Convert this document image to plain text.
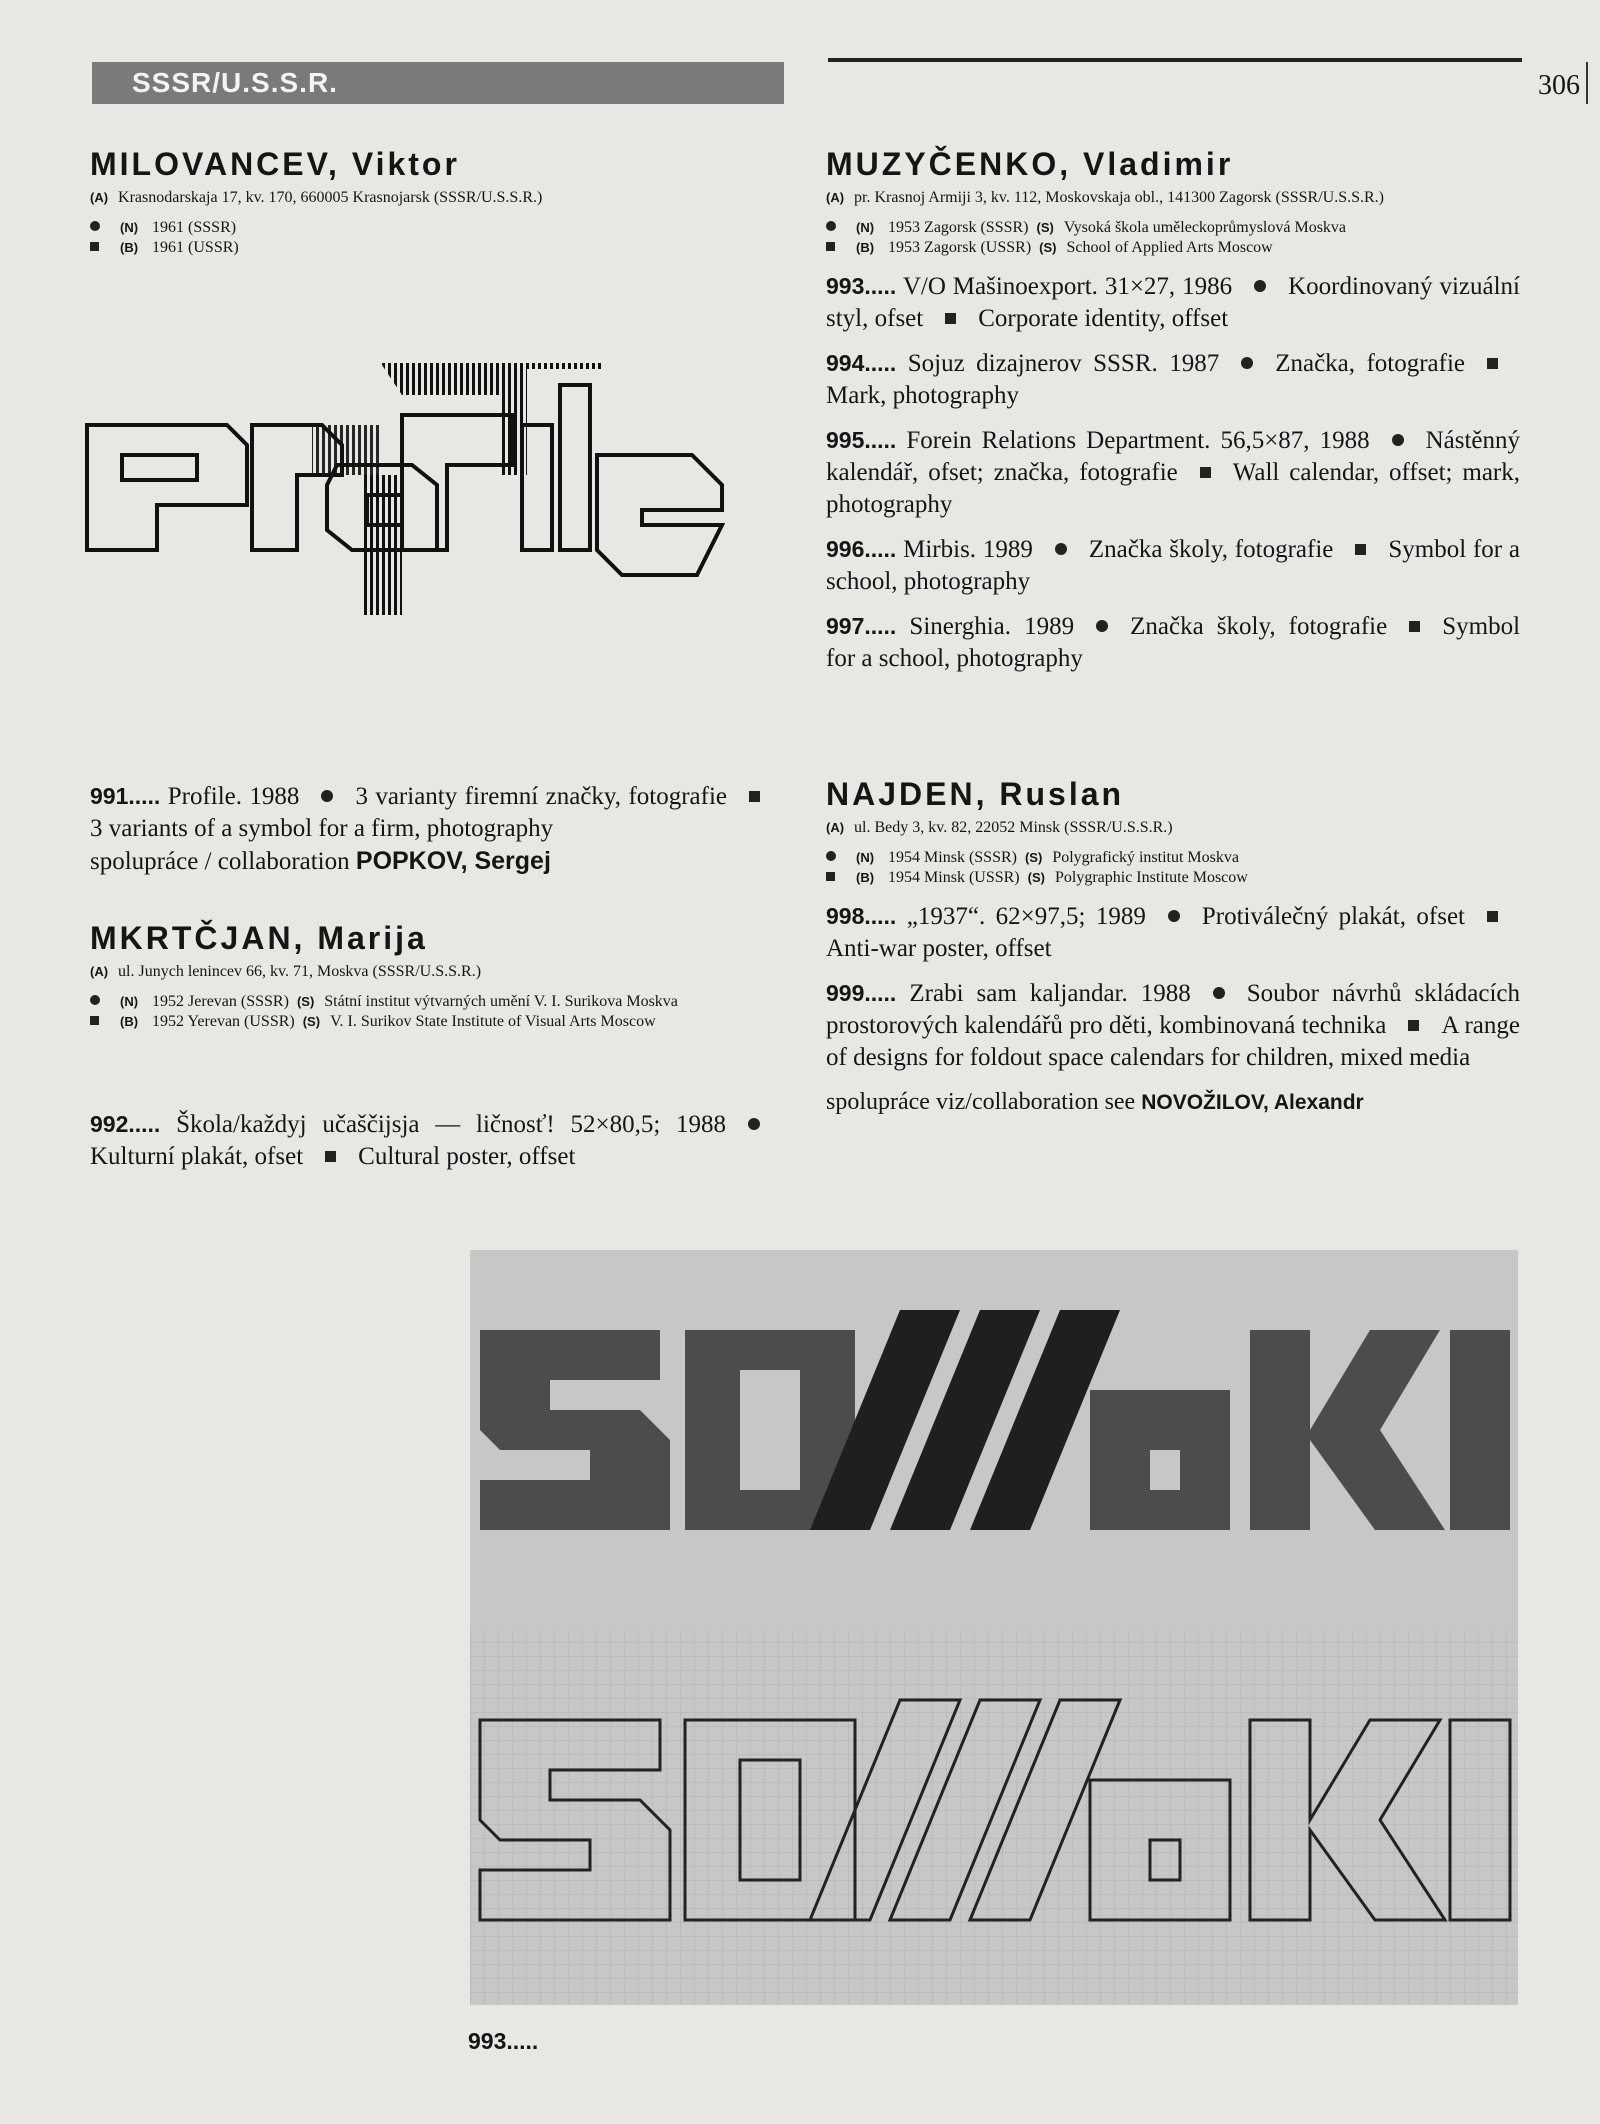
SSSR/U.S.S.R.	306
MILOVANCEV, Viktor
(A) Krasnodarskaja 17, kv. 170, 660005 Krasnojarsk (SSSR/U.S.S.R.)
(N) 1961 (SSSR)
(B) 1961 (USSR)
991..... Profile. 1988 3 varianty firemní značky, fotografie3 variants of a symbol for a firm, photography
spolupráce / collaboration POPKOV, Sergej
MKRTČJAN, Marija
(A) ul. Junych lenincev 66, kv. 71, Moskva (SSSR/U.S.S.R.)
(N) 1952 Jerevan (SSSR) (S) Státní institut výtvarných umění V. I. Surikova Moskva
(B) 1952 Yerevan (USSR) (S) V. I. Surikov State Institute of Visual Arts Moscow
992..... Škola/každyj učaščijsja — ličnosť! 52×80,5; 1988Kulturní plakát, ofset Cultural poster, offset
MUZYČENKO, Vladimir
(A) pr. Krasnoj Armiji 3, kv. 112, Moskovskaja obl., 141300 Zagorsk (SSSR/U.S.S.R.)
(N) 1953 Zagorsk (SSSR) (S) Vysoká škola uměleckoprůmyslová Moskva
(B) 1953 Zagorsk (USSR) (S) School of Applied Arts Moscow
993..... V/O Mašinoexport. 31×27, 1986 Koordinovaný vizuální styl, ofset Corporate identity, offset
994..... Sojuz dizajnerov SSSR. 1987 Značka, fotografieMark, photography
995..... Forein Relations Department. 56,5×87, 1988 Nástěnný kalendář, ofset; značka, fotografie Wall calendar, offset; mark, photography
996..... Mirbis. 1989 Značka školy, fotografie Symbol for a school, photography
997..... Sinerghia. 1989 Značka školy, fotografie Symbol for a school, photography
NAJDEN, Ruslan
(A) ul. Bedy 3, kv. 82, 22052 Minsk (SSSR/U.S.S.R.)
(N) 1954 Minsk (SSSR) (S) Polygrafický institut Moskva
(B) 1954 Minsk (USSR) (S) Polygraphic Institute Moscow
998..... „1937“. 62×97,5; 1989 Protiválečný plakát, ofsetAnti-war poster, offset
999..... Zrabi sam kaljandar. 1988 Soubor návrhů skládacích prostorových kalendářů pro děti, kombinovaná technika A range of designs for foldout space calendars for children, mixed media
spolupráce viz/collaboration see NOVOŽILOV, Alexandr
993.....
